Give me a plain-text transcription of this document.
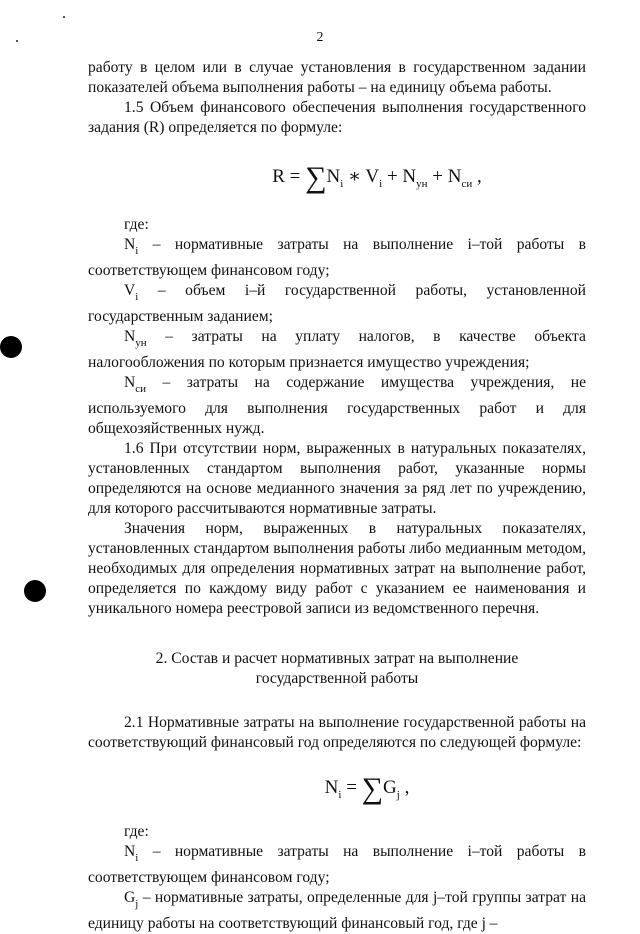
2

работу в целом или в случае установления в государственном задании показателей объема выполнения работы – на единицу объема работы.

1.5 Объем финансового обеспечения выполнения государственного задания (R) определяется по формуле:

$R = \sum N_i$ ∗ $V_i + N_{ун} + N_{си}$ ,

где:

$N_i$ – нормативные затраты на выполнение i–той работы в соответствующем финансовом году;

$V_i$ – объем i–й государственной работы, установленной государственным заданием;

$N_{ун}$ – затраты на уплату налогов, в качестве объекта налогообложения по которым признается имущество учреждения;

$N_{си}$ – затраты на содержание имущества учреждения, не используемого для выполнения государственных работ и для общехозяйственных нужд.

1.6 При отсутствии норм, выраженных в натуральных показателях, установленных стандартом выполнения работ, указанные нормы определяются на основе медианного значения за ряд лет по учреждению, для которого рассчитываются нормативные затраты.

Значения норм, выраженных в натуральных показателях, установленных стандартом выполнения работы либо медианным методом, необходимых для определения нормативных затрат на выполнение работ, определяется по каждому виду работ с указанием ее наименования и уникального номера реестровой записи из ведомственного перечня.

2. Состав и расчет нормативных затрат на выполнение

государственной работы

2.1 Нормативные затраты на выполнение государственной работы на соответствующий финансовый год определяются по следующей формуле:

$N_i = \sum G_j$ ,

где:

$N_i$ – нормативные затраты на выполнение i–той работы в соответствующем финансовом году;

$G_j$ – нормативные затраты, определенные для j–той группы затрат на единицу работы на соответствующий финансовый год, где j –
